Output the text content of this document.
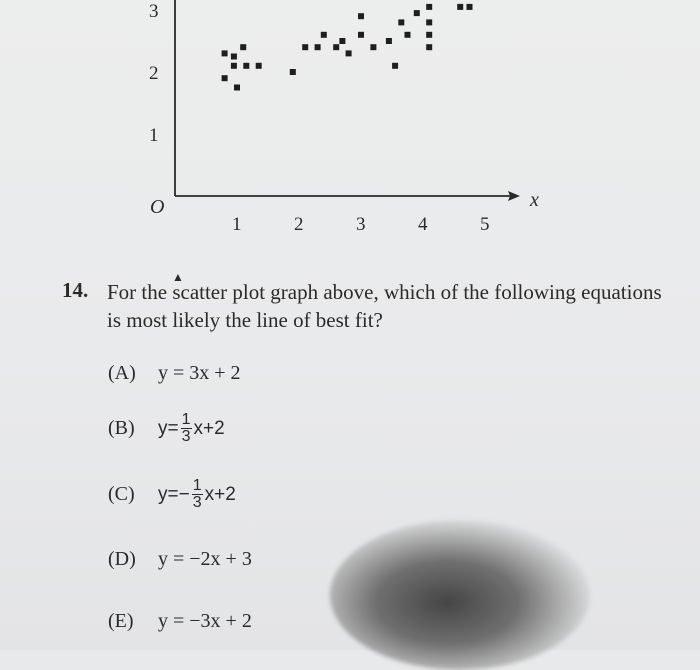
x
O
1	2	3	4	5
1
2
3
▲
14. For the scatter plot graph above, which of the following equations is most likely the line of best fit?
(A)	y = 3x + 2
(B)	$y= \frac{1}{3} x+2$
(C)	$y=- \frac{1}{3} x+2$
(D)	y = −2x + 3
(E)	y = −3x + 2
